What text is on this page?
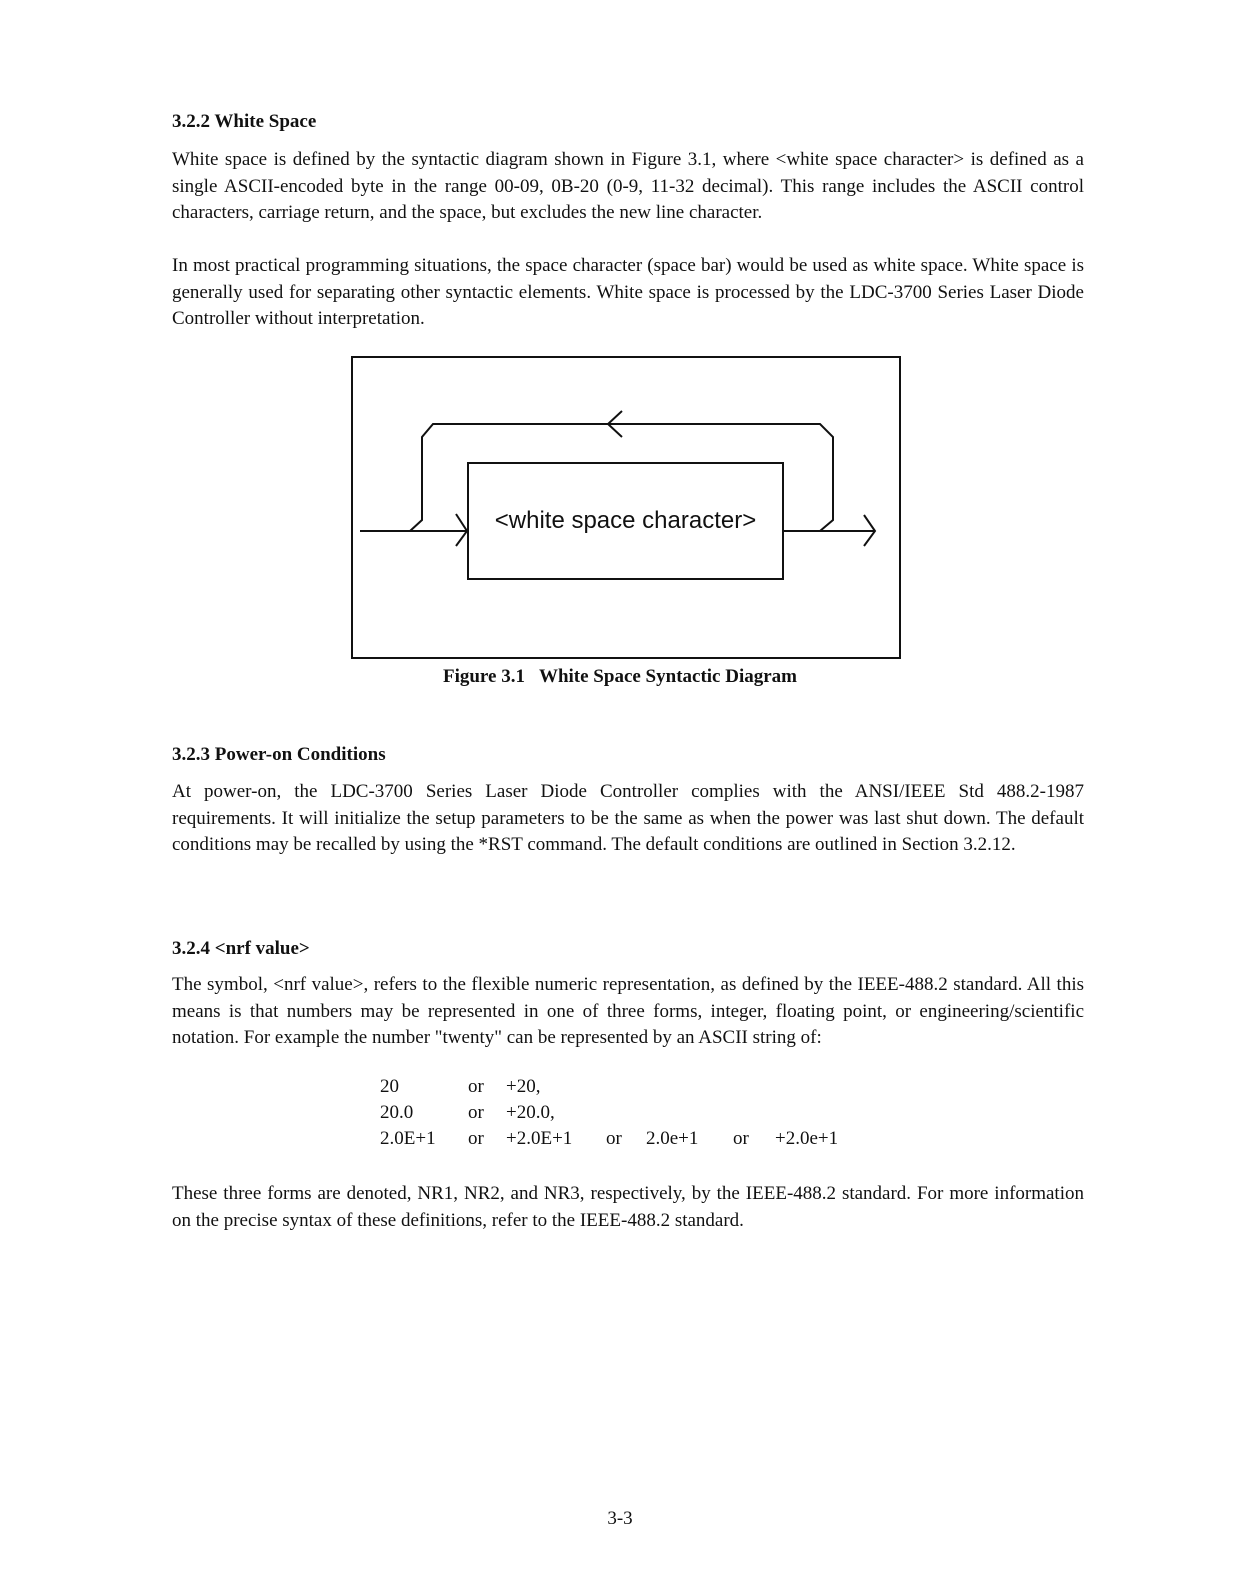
3.2.2 White Space

White space is defined by the syntactic diagram shown in Figure 3.1, where <white space character> is defined as a single ASCII-encoded byte in the range 00-09, 0B-20 (0-9, 11-32 decimal). This range includes the ASCII control characters, carriage return, and the space, but excludes the new line character.

In most practical programming situations, the space character (space bar) would be used as white space. White space is generally used for separating other syntactic elements. White space is processed by the LDC-3700 Series Laser Diode Controller without interpretation.

<white space character>
Figure 3.1 White Space Syntactic Diagram
3.2.3 Power-on Conditions

At power-on, the LDC-3700 Series Laser Diode Controller complies with the ANSI/IEEE Std 488.2-1987 requirements. It will initialize the setup parameters to be the same as when the power was last shut down. The default conditions may be recalled by using the *RST command. The default conditions are outlined in Section 3.2.12.

3.2.4 <nrf value>

The symbol, <nrf value>, refers to the flexible numeric representation, as defined by the IEEE-488.2 standard. All this means is that numbers may be represented in one of three forms, integer, floating point, or engineering/scientific notation. For example the number "twenty" can be represented by an ASCII string of:

20	or	+20,				
20.0	or	+20.0,				
2.0E+1	or	+2.0E+1	or	2.0e+1	or	+2.0e+1

These three forms are denoted, NR1, NR2, and NR3, respectively, by the IEEE-488.2 standard. For more information on the precise syntax of these definitions, refer to the IEEE-488.2 standard.

3-3
